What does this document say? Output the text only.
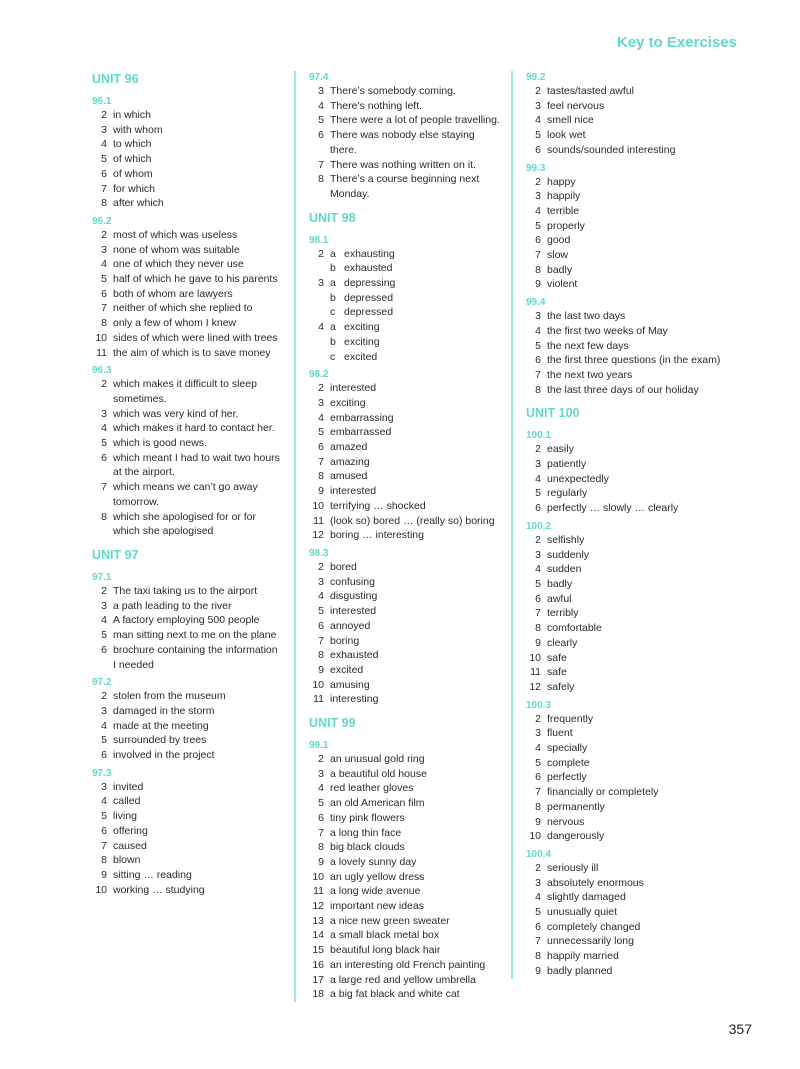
Key to Exercises
UNIT 96
96.1
2 in which
3 with whom
4 to which
5 of which
6 of whom
7 for which
8 after which
96.2
2 most of which was useless
3 none of whom was suitable
4 one of which they never use
5 half of which he gave to his parents
6 both of whom are lawyers
7 neither of which she replied to
8 only a few of whom I knew
10 sides of which were lined with trees
11 the aim of which is to save money
96.3
2 which makes it difficult to sleep
sometimes.
3 which was very kind of her.
4 which makes it hard to contact her.
5 which is good news.
6 which meant I had to wait two hours
at the airport.
7 which means we can’t go away
tomorrow.
8 which she apologised for or for
which she apologised
UNIT 97
97.1
2 The taxi taking us to the airport
3 a path leading to the river
4 A factory employing 500 people
5 man sitting next to me on the plane
6 brochure containing the information
I needed
97.2
2 stolen from the museum
3 damaged in the storm
4 made at the meeting
5 surrounded by trees
6 involved in the project
97.3
3 invited
4 called
5 living
6 offering
7 caused
8 blown
9 sitting … reading
10 working … studying
97.4
3 There’s somebody coming.
4 There’s nothing left.
5 There were a lot of people travelling.
6 There was nobody else staying there.
7 There was nothing written on it.
8 There’s a course beginning next
Monday.
UNIT 98
98.1
2 a exhausting
b exhausted
3 a depressing
b depressed
c depressed
4 a exciting
b exciting
c excited
98.2
2 interested
3 exciting
4 embarrassing
5 embarrassed
6 amazed
7 amazing
8 amused
9 interested
10 terrifying … shocked
11 (look so) bored … (really so) boring
12 boring … interesting
98.3
2 bored
3 confusing
4 disgusting
5 interested
6 annoyed
7 boring
8 exhausted
9 excited
10 amusing
11 interesting
UNIT 99
99.1
2 an unusual gold ring
3 a beautiful old house
4 red leather gloves
5 an old American film
6 tiny pink flowers
7 a long thin face
8 big black clouds
9 a lovely sunny day
10 an ugly yellow dress
11 a long wide avenue
12 important new ideas
13 a nice new green sweater
14 a small black metal box
15 beautiful long black hair
16 an interesting old French painting
17 a large red and yellow umbrella
18 a big fat black and white cat
99.2
2 tastes/tasted awful
3 feel nervous
4 smell nice
5 look wet
6 sounds/sounded interesting
99.3
2 happy
3 happily
4 terrible
5 properly
6 good
7 slow
8 badly
9 violent
99.4
3 the last two days
4 the first two weeks of May
5 the next few days
6 the first three questions (in the exam)
7 the next two years
8 the last three days of our holiday
UNIT 100
100.1
2 easily
3 patiently
4 unexpectedly
5 regularly
6 perfectly … slowly … clearly
100.2
2 selfishly
3 suddenly
4 sudden
5 badly
6 awful
7 terribly
8 comfortable
9 clearly
10 safe
11 safe
12 safely
100.3
2 frequently
3 fluent
4 specially
5 complete
6 perfectly
7 financially or completely
8 permanently
9 nervous
10 dangerously
100.4
2 seriously ill
3 absolutely enormous
4 slightly damaged
5 unusually quiet
6 completely changed
7 unnecessarily long
8 happily married
9 badly planned
357
